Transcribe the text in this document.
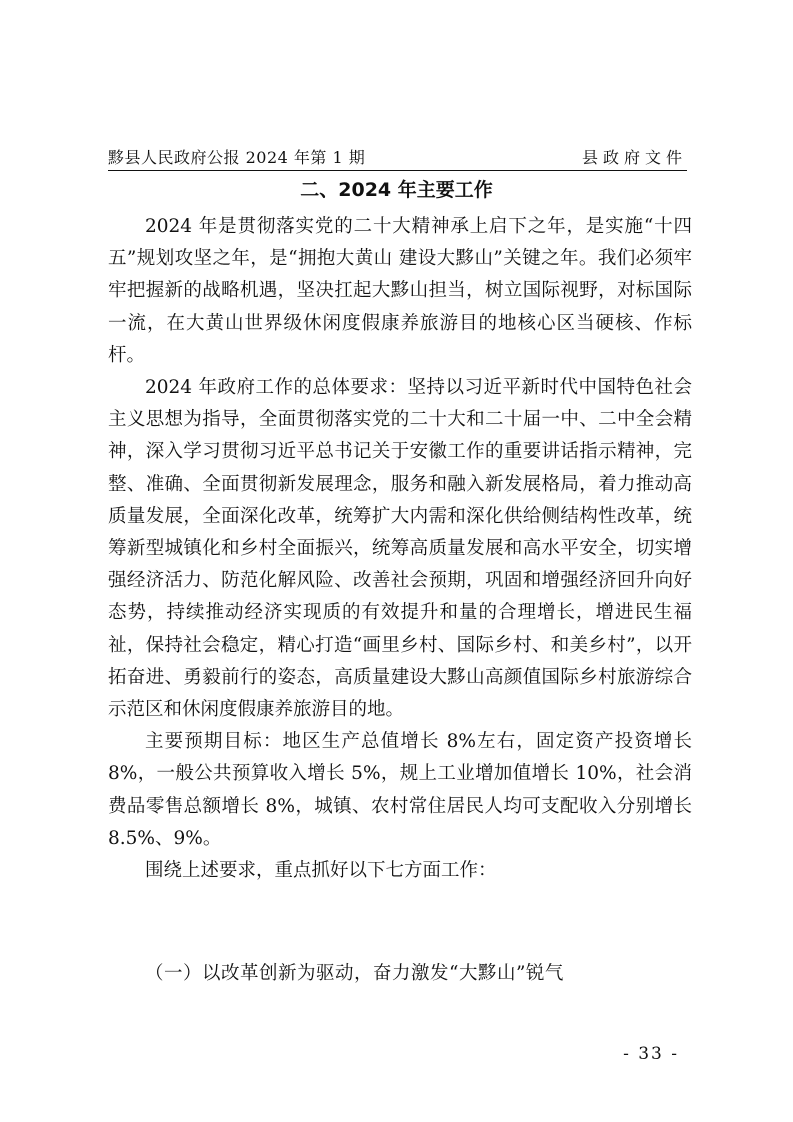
黟县人民政府公报 2024 年第 1 期	县政府文件
二、2024 年主要工作

2024 年是贯彻落实党的二十大精神承上启下之年，是实施“十四五”规划攻坚之年，是“拥抱大黄山 建设大黟山”关键之年。我们必须牢牢把握新的战略机遇，坚决扛起大黟山担当，树立国际视野，对标国际一流，在大黄山世界级休闲度假康养旅游目的地核心区当硬核、作标杆。

2024 年政府工作的总体要求：坚持以习近平新时代中国特色社会主义思想为指导，全面贯彻落实党的二十大和二十届一中、二中全会精神，深入学习贯彻习近平总书记关于安徽工作的重要讲话指示精神，完整、准确、全面贯彻新发展理念，服务和融入新发展格局，着力推动高质量发展，全面深化改革，统筹扩大内需和深化供给侧结构性改革，统筹新型城镇化和乡村全面振兴，统筹高质量发展和高水平安全，切实增强经济活力、防范化解风险、改善社会预期，巩固和增强经济回升向好态势，持续推动经济实现质的有效提升和量的合理增长，增进民生福祉，保持社会稳定，精心打造“画里乡村、国际乡村、和美乡村”，以开拓奋进、勇毅前行的姿态，高质量建设大黟山高颜值国际乡村旅游综合示范区和休闲度假康养旅游目的地。

主要预期目标：地区生产总值增长 8%左右，固定资产投资增长 8%，一般公共预算收入增长 5%，规上工业增加值增长 10%，社会消费品零售总额增长 8%，城镇、农村常住居民人均可支配收入分别增长 8.5%、9%。

围绕上述要求，重点抓好以下七方面工作：

（一）以改革创新为驱动，奋力激发“大黟山”锐气
- 33 -
